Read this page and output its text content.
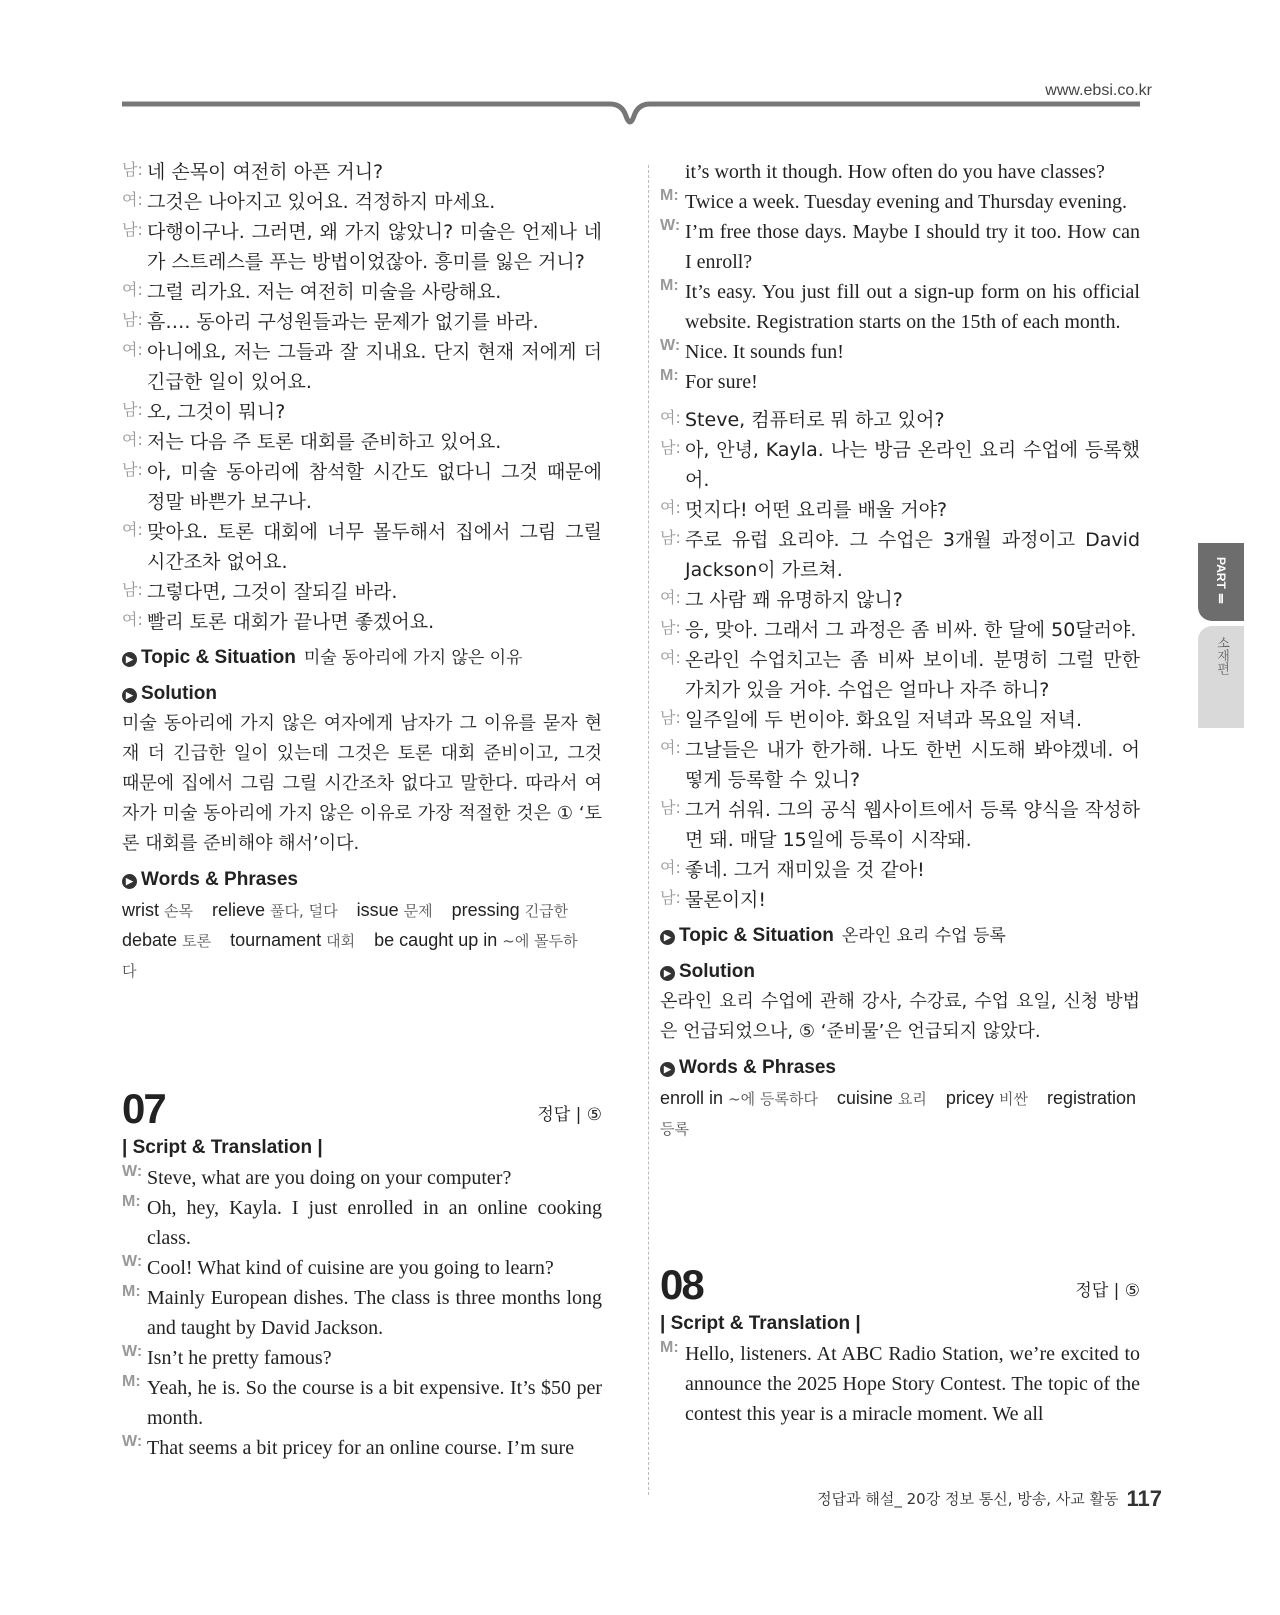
www.ebsi.co.kr
남: 네 손목이 여전히 아픈 거니?
여: 그것은 나아지고 있어요. 걱정하지 마세요.
남: 다행이구나. 그러면, 왜 가지 않았니? 미술은 언제나 네가 스트레스를 푸는 방법이었잖아. 흥미를 잃은 거니?
여: 그럴 리가요. 저는 여전히 미술을 사랑해요.
남: 흠…. 동아리 구성원들과는 문제가 없기를 바라.
여: 아니에요, 저는 그들과 잘 지내요. 단지 현재 저에게 더 긴급한 일이 있어요.
남: 오, 그것이 뭐니?
여: 저는 다음 주 토론 대회를 준비하고 있어요.
남: 아, 미술 동아리에 참석할 시간도 없다니 그것 때문에 정말 바쁜가 보구나.
여: 맞아요. 토론 대회에 너무 몰두해서 집에서 그림 그릴 시간조차 없어요.
남: 그렇다면, 그것이 잘되길 바라.
여: 빨리 토론 대회가 끝나면 좋겠어요.
▶ Topic & Situation 미술 동아리에 가지 않은 이유
▶ Solution
미술 동아리에 가지 않은 여자에게 남자가 그 이유를 묻자 현재 더 긴급한 일이 있는데 그것은 토론 대회 준비이고, 그것 때문에 집에서 그림 그릴 시간조차 없다고 말한다. 따라서 여자가 미술 동아리에 가지 않은 이유로 가장 적절한 것은 ① ‘토론 대회를 준비해야 해서’이다.
▶ Words & Phrases
wrist 손목 relieve 풀다, 덜다 issue 문제 pressing 긴급한 debate 토론 tournament 대회 be caught up in ~에 몰두하다
07	정답 | ⑤
| Script & Translation |
W: Steve, what are you doing on your computer?
M: Oh, hey, Kayla. I just enrolled in an online cooking class.
W: Cool! What kind of cuisine are you going to learn?
M: Mainly European dishes. The class is three months long and taught by David Jackson.
W: Isn’t he pretty famous?
M: Yeah, he is. So the course is a bit expensive. It’s $50 per month.
W: That seems a bit pricey for an online course. I’m sure
it’s worth it though. How often do you have classes?
M: Twice a week. Tuesday evening and Thursday evening.
W: I’m free those days. Maybe I should try it too. How can I enroll?
M: It’s easy. You just fill out a sign-up form on his official website. Registration starts on the 15th of each month.
W: Nice. It sounds fun!
M: For sure!
여: Steve, 컴퓨터로 뭐 하고 있어?
남: 아, 안녕, Kayla. 나는 방금 온라인 요리 수업에 등록했어.
여: 멋지다! 어떤 요리를 배울 거야?
남: 주로 유럽 요리야. 그 수업은 3개월 과정이고 David Jackson이 가르쳐.
여: 그 사람 꽤 유명하지 않니?
남: 응, 맞아. 그래서 그 과정은 좀 비싸. 한 달에 50달러야.
여: 온라인 수업치고는 좀 비싸 보이네. 분명히 그럴 만한 가치가 있을 거야. 수업은 얼마나 자주 하니?
남: 일주일에 두 번이야. 화요일 저녁과 목요일 저녁.
여: 그날들은 내가 한가해. 나도 한번 시도해 봐야겠네. 어떻게 등록할 수 있니?
남: 그거 쉬워. 그의 공식 웹사이트에서 등록 양식을 작성하면 돼. 매달 15일에 등록이 시작돼.
여: 좋네. 그거 재미있을 것 같아!
남: 물론이지!
▶ Topic & Situation 온라인 요리 수업 등록
▶ Solution
온라인 요리 수업에 관해 강사, 수강료, 수업 요일, 신청 방법은 언급되었으나, ⑤ ‘준비물’은 언급되지 않았다.
▶ Words & Phrases
enroll in ~에 등록하다 cuisine 요리 pricey 비싼 registration 등록
08	정답 | ⑤
| Script & Translation |
M: Hello, listeners. At ABC Radio Station, we’re excited to announce the 2025 Hope Story Contest. The topic of the contest this year is a miracle moment. We all
PART Ⅱ
소재편
정답과 해설_ 20강 정보 통신, 방송, 사교 활동 117
